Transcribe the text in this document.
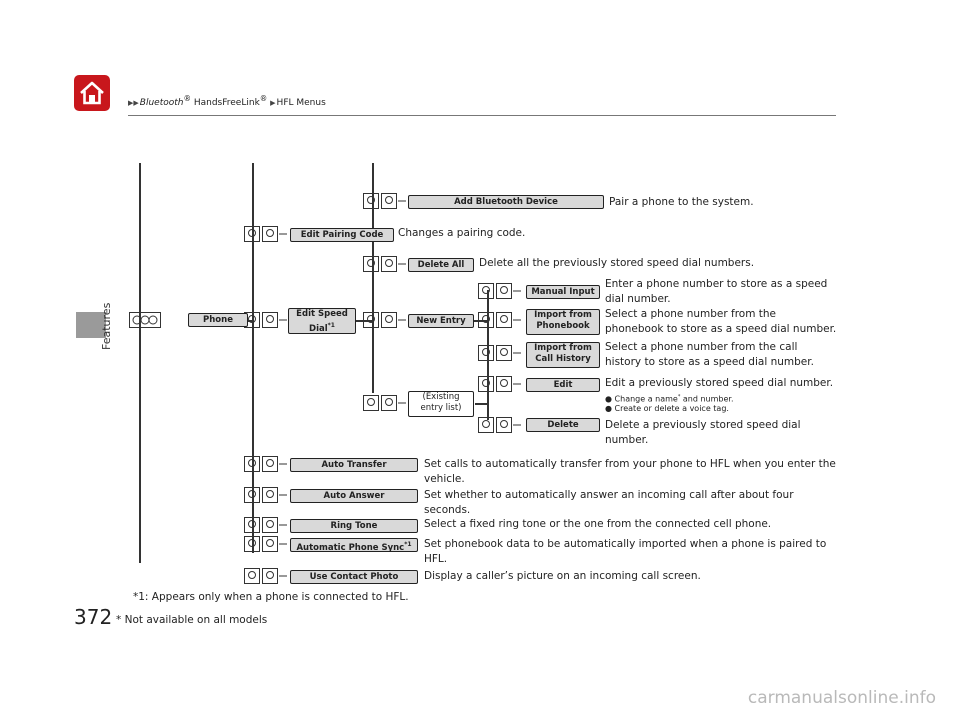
▶▶Bluetooth® HandsFreeLink® ▶HFL Menus
Features
372
Phone
Edit Speed
Dial$^{*1}$
Add Bluetooth Device
Edit Pairing Code
Delete All
New Entry
Manual Input
Import from
Phonebook
Import from
Call History
(Existing
entry list)
Edit
Delete
Auto Transfer
Auto Answer
Ring Tone
Automatic Phone Sync$^{*1}$
Use Contact Photo
Pair a phone to the system.
Changes a pairing code.
Delete all the previously stored speed dial numbers.
Enter a phone number to store as a speed
dial number.
Select a phone number from the
phonebook to store as a speed dial number.
Select a phone number from the call
history to store as a speed dial number.
Edit a previously stored speed dial number.
● Change a name* and number.
● Create or delete a voice tag.
Delete a previously stored speed dial
number.
Set calls to automatically transfer from your phone to HFL when you enter the
vehicle.
Set whether to automatically answer an incoming call after about four
seconds.
Select a fixed ring tone or the one from the connected cell phone.
Set phonebook data to be automatically imported when a phone is paired to
HFL.
Display a caller’s picture on an incoming call screen.
*1: Appears only when a phone is connected to HFL.
* Not available on all models
carmanualsonline.info
